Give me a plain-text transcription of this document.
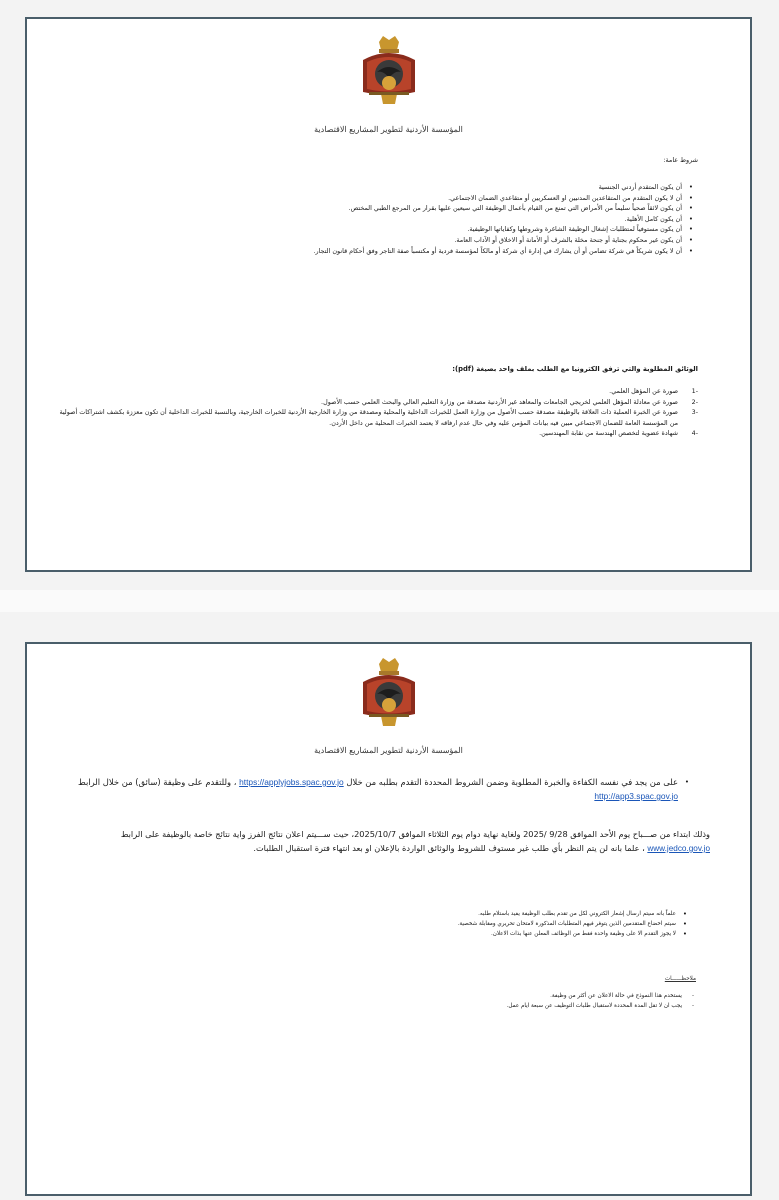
المؤسسة الأردنية لتطوير المشاريع الاقتصادية
شروط عامة:
• أن يكون المتقدم أردني الجنسية
• أن لا يكون المتقدم من المتقاعدين المدنيين او العسكريين أو متقاعدي الضمان الاجتماعي.
• أن يكون لائقاً صحياً سليماً من الأمراض التي تمنع من القيام بأعمال الوظيفة التي سيعين عليها بقرار من المرجع الطبي المختص.
• أن يكون كامل الأهلية.
• أن يكون مستوفياً لمتطلبات إشغال الوظيفة الشاغرة وشروطها وكفاياتها الوظيفية.
• أن يكون غير محكوم بجناية أو جنحة مخلة بالشرف أو الأمانة أو الاخلاق أو الآداب العامة.
• أن لا يكون شريكاً في شركة تضامن أو أن يشارك في إدارة أي شركة أو مالكاً لمؤسسة فردية أو مكتسباً صفة التاجر وفق أحكام قانون التجار.
الوثائق المطلوبة والتي ترفق الكترونيا مع الطلب بملف واحد بصيغة (pdf):
-1
صورة عن المؤهل العلمي.
-2
صورة عن معادلة المؤهل العلمي لخريجي الجامعات والمعاهد غير الأردنية مصدقة من وزارة التعليم العالي والبحث العلمي حسب الأصول.
-3
صورة عن الخبرة العملية ذات العلاقة بالوظيفة مصدقة حسب الأصول من وزارة العمل للخبرات الداخلية والمحلية ومصدقة من وزارة الخارجية الأردنية للخبرات الخارجية، وبالنسبة للخبرات الداخلية أن تكون معززة بكشف اشتراكات أصولية من المؤسسة العامة للضمان الاجتماعي مبين فيه بيانات المؤمن عليه وفي حال عدم ارفاقه لا يعتمد الخبرات المحلية من داخل الأردن.
-4
شهادة عضوية لتخصص الهندسة من نقابة المهندسين.
المؤسسة الأردنية لتطوير المشاريع الاقتصادية
• على من يجد في نفسه الكفاءة والخبرة المطلوبة وضمن الشروط المحددة التقدم بطلبه من خلال https://applyjobs.spac.gov.jo ، وللتقدم على وظيفة (سائق) من خلال الرابط http://app3.spac.gov.jo
وذلك ابتداء من صـــباح يوم الأحد الموافق 9/28 /2025 ولغاية نهاية دوام يوم الثلاثاء الموافق 2025/10/7، حيث ســـيتم اعلان نتائج الفرز واية نتائج خاصة بالوظيفة على الرابط www.jedco.gov.jo ، علما بانه لن يتم النظر بأي طلب غير مستوف للشروط والوثائق الواردة بالإعلان او بعد انتهاء فترة استقبال الطلبات.
• علماً بانه سيتم ارسال إشعار الكتروني لكل من تقدم بطلب الوظيفة يفيد باستلام طلبه.
• سيتم اخضاع المتقدمين الذين يتوفر فيهم المتطلبات المذكورة لامتحان تحريري ومقابلة شخصية.
• لا يجوز التقدم الا على وظيفة واحدة فقط من الوظائف المعلن عنها بذات الاعلان.
ملاحظــــــات
-
يستخدم هذا النموذج في حالة الاعلان عن أكثر من وظيفة.
-
يجب ان لا تقل المدة المحددة لاستقبال طلبات التوظيف عن سبعة ايام عمل.
